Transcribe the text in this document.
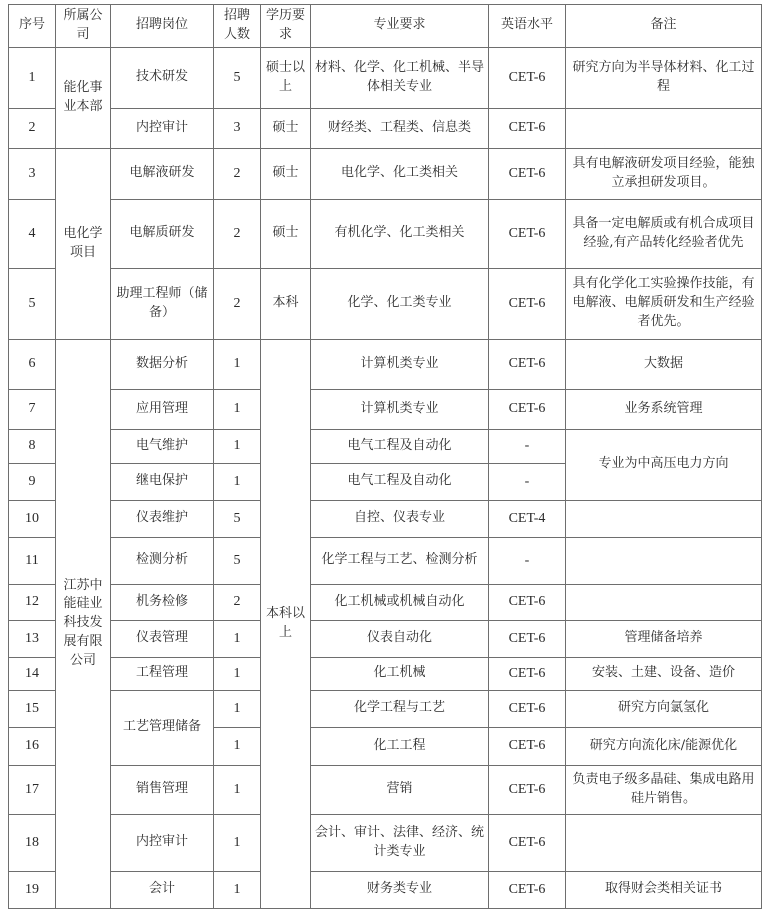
序号	所属公司	招聘岗位	招聘人数	学历要求	专业要求	英语水平	备注
1	能化事业本部	技术研发	5	硕士以上	材料、化学、化工机械、半导体相关专业	CET-6	研究方向为半导体材料、化工过程
2		内控审计	3	硕士	财经类、工程类、信息类	CET-6	
3	电化学项目	电解液研发	2	硕士	电化学、化工类相关	CET-6	具有电解液研发项目经验，能独立承担研发项目。
4		电解质研发	2	硕士	有机化学、化工类相关	CET-6	具备一定电解质或有机合成项目经验,有产品转化经验者优先
5		助理工程师（储备）	2	本科	化学、化工类专业	CET-6	具有化学化工实验操作技能，有电解液、电解质研发和生产经验者优先。
6	江苏中能硅业科技发展有限公司	数据分析	1	本科以上	计算机类专业	CET-6	大数据
7		应用管理	1		计算机类专业	CET-6	业务系统管理
8		电气维护	1		电气工程及自动化	-	专业为中高压电力方向
9		继电保护	1		电气工程及自动化	-	
10		仪表维护	5		自控、仪表专业	CET-4	
11		检测分析	5		化学工程与工艺、检测分析	-	
12		机务检修	2		化工机械或机械自动化	CET-6	
13		仪表管理	1		仪表自动化	CET-6	管理储备培养
14		工程管理	1		化工机械	CET-6	安装、土建、设备、造价
15		工艺管理储备	1		化学工程与工艺	CET-6	研究方向氯氢化
16			1		化工工程	CET-6	研究方向流化床/能源优化
17		销售管理	1		营销	CET-6	负责电子级多晶硅、集成电路用硅片销售。
18		内控审计	1		会计、审计、法律、经济、统计类专业	CET-6	
19		会计	1		财务类专业	CET-6	取得财会类相关证书
